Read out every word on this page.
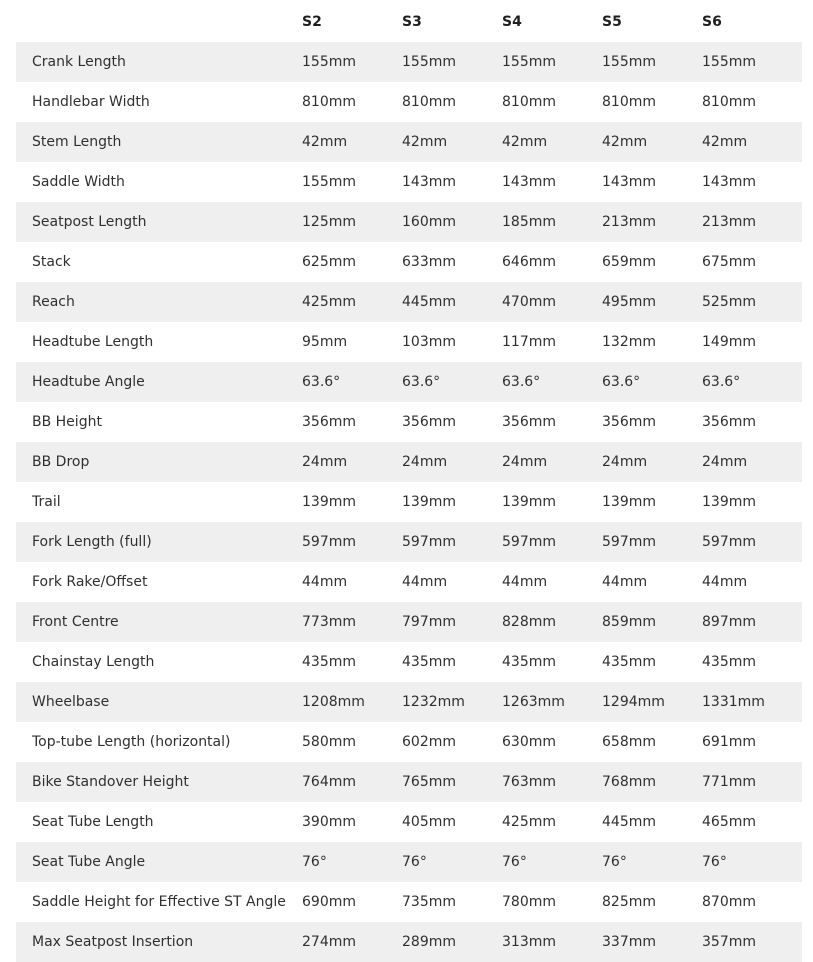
	S2	S3	S4	S5	S6
Crank Length	155mm	155mm	155mm	155mm	155mm
Handlebar Width	810mm	810mm	810mm	810mm	810mm
Stem Length	42mm	42mm	42mm	42mm	42mm
Saddle Width	155mm	143mm	143mm	143mm	143mm
Seatpost Length	125mm	160mm	185mm	213mm	213mm
Stack	625mm	633mm	646mm	659mm	675mm
Reach	425mm	445mm	470mm	495mm	525mm
Headtube Length	95mm	103mm	117mm	132mm	149mm
Headtube Angle	63.6°	63.6°	63.6°	63.6°	63.6°
BB Height	356mm	356mm	356mm	356mm	356mm
BB Drop	24mm	24mm	24mm	24mm	24mm
Trail	139mm	139mm	139mm	139mm	139mm
Fork Length (full)	597mm	597mm	597mm	597mm	597mm
Fork Rake/Offset	44mm	44mm	44mm	44mm	44mm
Front Centre	773mm	797mm	828mm	859mm	897mm
Chainstay Length	435mm	435mm	435mm	435mm	435mm
Wheelbase	1208mm	1232mm	1263mm	1294mm	1331mm
Top-tube Length (horizontal)	580mm	602mm	630mm	658mm	691mm
Bike Standover Height	764mm	765mm	763mm	768mm	771mm
Seat Tube Length	390mm	405mm	425mm	445mm	465mm
Seat Tube Angle	76°	76°	76°	76°	76°
Saddle Height for Effective ST Angle	690mm	735mm	780mm	825mm	870mm
Max Seatpost Insertion	274mm	289mm	313mm	337mm	357mm
